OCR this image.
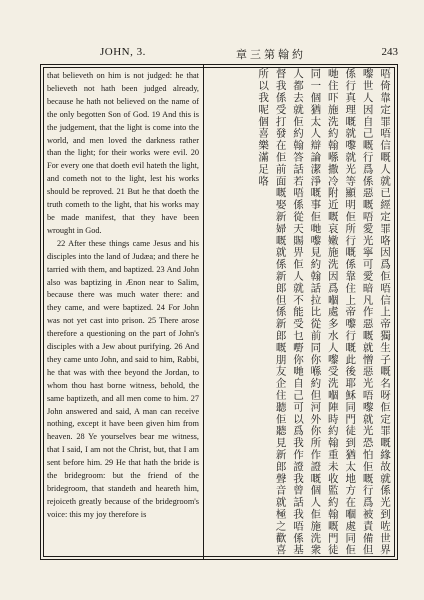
JOHN, 3.	章三第翰約	243

that believeth on him is not judged: he that believeth not hath been judged already, because he hath not believed on the name of the only begotten Son of God. 19 And this is the judgement, that the light is come into the world, and men loved the darkness rather than the light; for their works were evil. 20 For every one that doeth evil hateth the light, and cometh not to the light, lest his works should be reproved. 21 But he that doeth the truth cometh to the light, that his works may be made manifest, that they have been wrought in God.

22 After these things came Jesus and his disciples into the land of Judæa; and there he tarried with them, and baptized. 23 And John also was baptizing in Ænon near to Salim, because there was much water there: and they came, and were baptized. 24 For John was not yet cast into prison. 25 There arose therefore a questioning on the part of John's disciples with a Jew about purifying. 26 And they came unto John, and said to him, Rabbi, he that was with thee beyond the Jordan, to whom thou hast borne witness, behold, the same baptizeth, and all men come to him. 27 John answered and said, A man can receive nothing, except it have been given him from heaven. 28 Ye yourselves bear me witness, that I said, I am not the Christ, but, that I am sent before him. 29 He that hath the bride is the bridegroom: but the friend of the bridegroom, that standeth and heareth him, rejoiceth greatly because of the bridegroom's voice: this my joy therefore is	唔倚靠定罪唔信嘅人就已經定罪咯因爲佢唔信上帝獨生子嘅名呀佢定罪嘅緣故就係光到咗世界嚟世人因自己嘅行爲係惡嘅唔愛光寧可愛暗凡作惡嘅就憎惡光唔嚟就光恐怕佢嘅行爲被責備但係行真理嘅就嚟就光等顯明佢所行嘅係靠住上帝嚟行嘅此後耶穌同門徒到猶太地方在嗰處同佢哋住吓施洗約翰喺撒冷附近嘅哀嫩施洗因爲嗰處多水人嚟受洗嗰陣時約翰重未收監約翰嘅門徒同一個猶太人辯論潔淨嘅事佢哋嚟見約翰話拉比從前同你喺約但河外你所作證嘅個人佢施洗衆人都去就佢約翰答話若唔係從天賜畀佢人就不能受乜嘢你哋自己可以爲我作證我曾話我唔係基督我係受打發在佢前面嘅娶新婦嘅就係新郎但係新郎嘅朋友企住聽佢聽見新郎聲音就極之歡喜所以我呢個喜樂滿足咯
